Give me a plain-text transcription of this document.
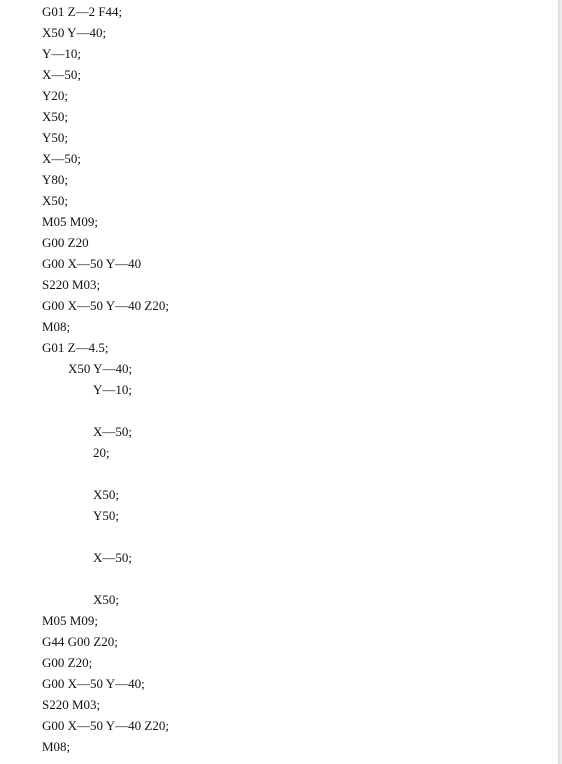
G01 Z—2 F44;
X50 Y—40;
Y—10;
X—50;
Y20;
X50;
Y50;
X—50;
Y80;
X50;
M05 M09;
G00 Z20
G00 X—50 Y—40
S220 M03;
G00 X—50 Y—40 Z20;
M08;
G01 Z—4.5;
X50 Y—40;
Y—10;
X—50;
20;
X50;
Y50;
X—50;
X50;
M05 M09;
G44 G00 Z20;
G00 Z20;
G00 X—50 Y—40;
S220 M03;
G00 X—50 Y—40 Z20;
M08;
